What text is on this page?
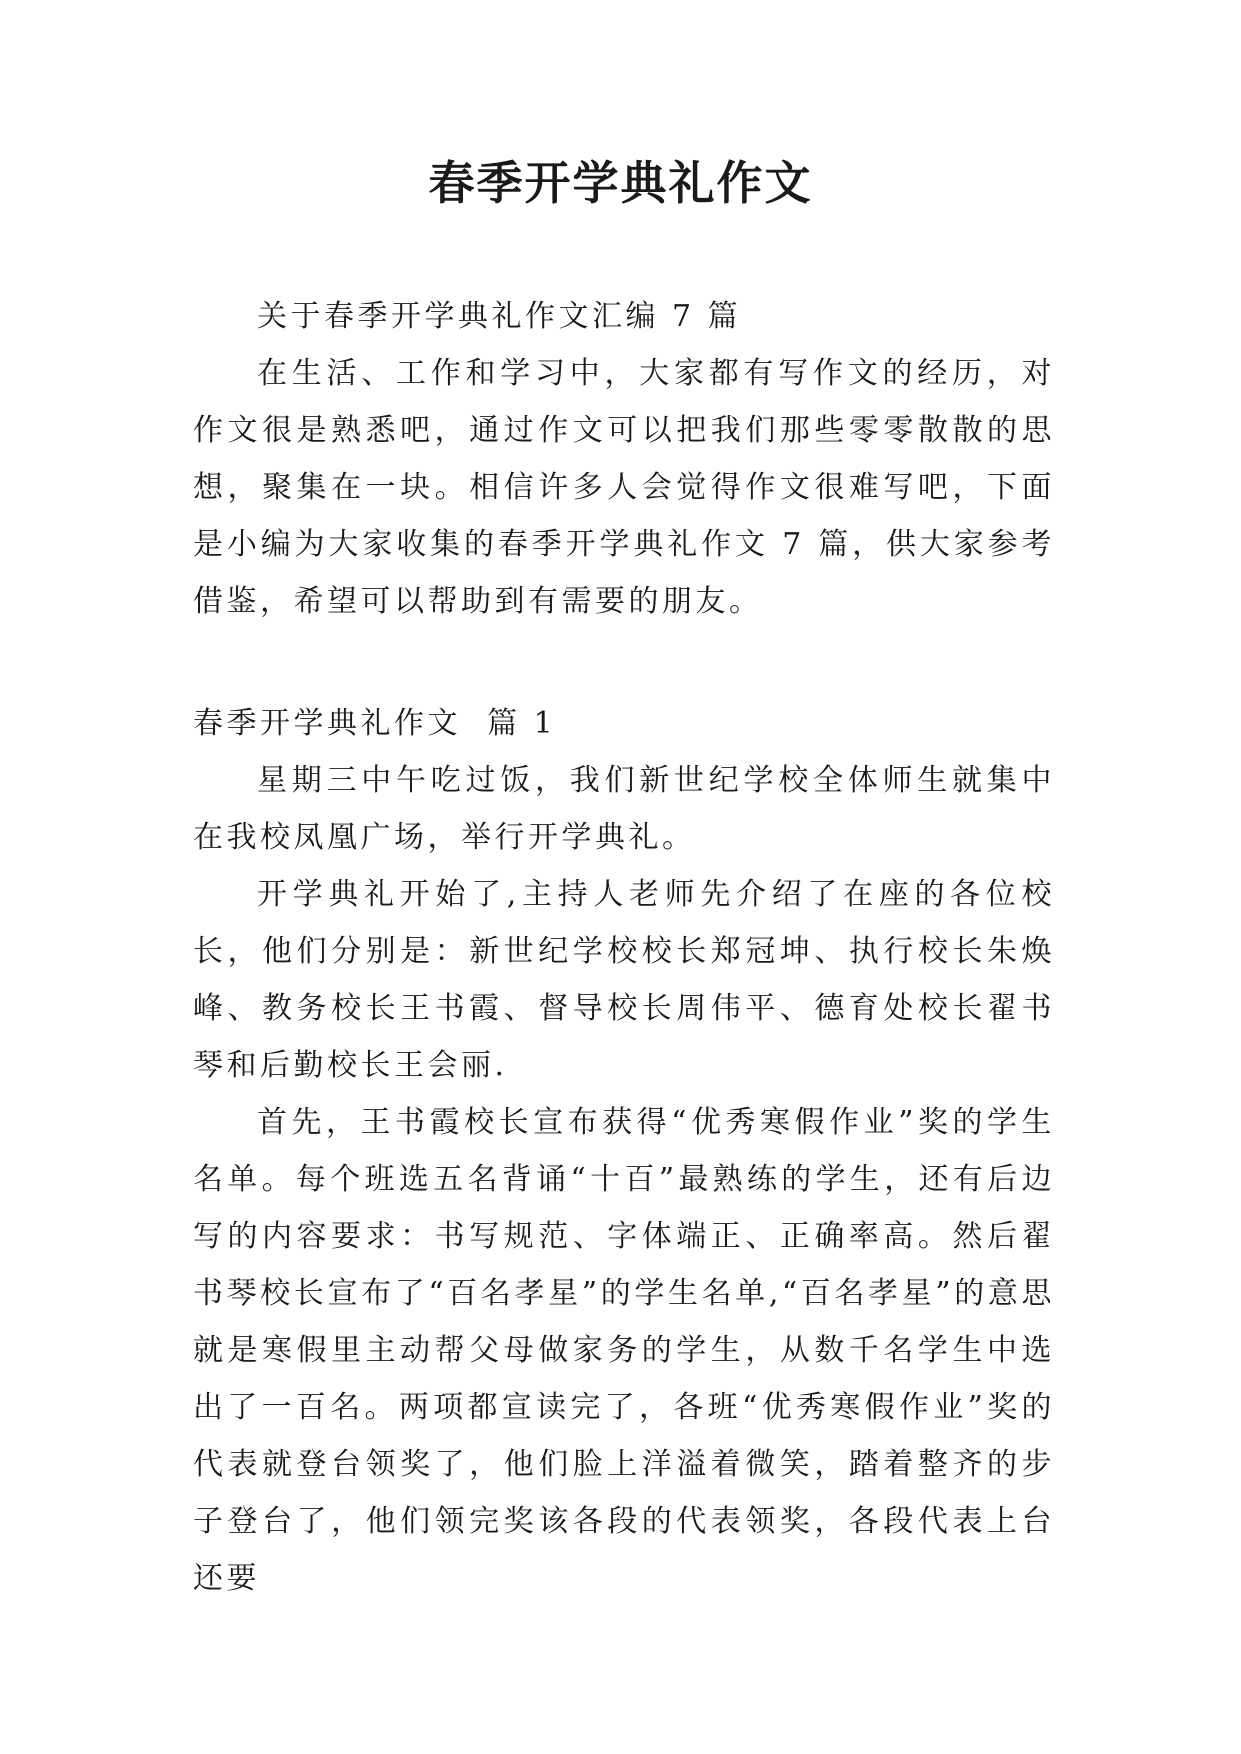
春季开学典礼作文

关于春季开学典礼作文汇编 7 篇

在生活、工作和学习中，大家都有写作文的经历，对作文很是熟悉吧，通过作文可以把我们那些零零散散的思想，聚集在一块。相信许多人会觉得作文很难写吧，下面是小编为大家收集的春季开学典礼作文 7 篇，供大家参考借鉴，希望可以帮助到有需要的朋友。

春季开学典礼作文  篇 1

星期三中午吃过饭，我们新世纪学校全体师生就集中在我校凤凰广场，举行开学典礼。

开学典礼开始了,主持人老师先介绍了在座的各位校长，他们分别是：新世纪学校校长郑冠坤、执行校长朱焕峰、教务校长王书霞、督导校长周伟平、德育处校长翟书琴和后勤校长王会丽.

首先，王书霞校长宣布获得“优秀寒假作业”奖的学生名单。每个班选五名背诵“十百”最熟练的学生，还有后边写的内容要求：书写规范、字体端正、正确率高。然后翟书琴校长宣布了“百名孝星”的学生名单,“百名孝星”的意思就是寒假里主动帮父母做家务的学生，从数千名学生中选出了一百名。两项都宣读完了，各班“优秀寒假作业”奖的代表就登台领奖了，他们脸上洋溢着微笑，踏着整齐的步子登台了，他们领完奖该各段的代表领奖，各段代表上台还要
